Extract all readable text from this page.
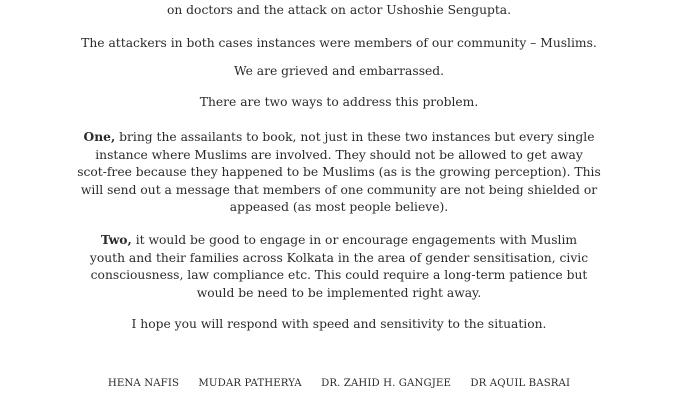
on doctors and the attack on actor Ushoshie Sengupta.

The attackers in both cases instances were members of our community – Muslims.

We are grieved and embarrassed.

There are two ways to address this problem.

One, bring the assailants to book, not just in these two instances but every single
instance where Muslims are involved. They should not be allowed to get away
scot-free because they happened to be Muslims (as is the growing perception). This
will send out a message that members of one community are not being shielded or
appeased (as most people believe).
Two, it would be good to engage in or encourage engagements with Muslim
youth and their families across Kolkata in the area of gender sensitisation, civic
consciousness, law compliance etc. This could require a long-term patience but
would be need to be implemented right away.

I hope you will respond with speed and sensitivity to the situation.

HENA NAFIS MUDAR PATHERYA DR. ZAHID H. GANGJEE DR AQUIL BASRAI
